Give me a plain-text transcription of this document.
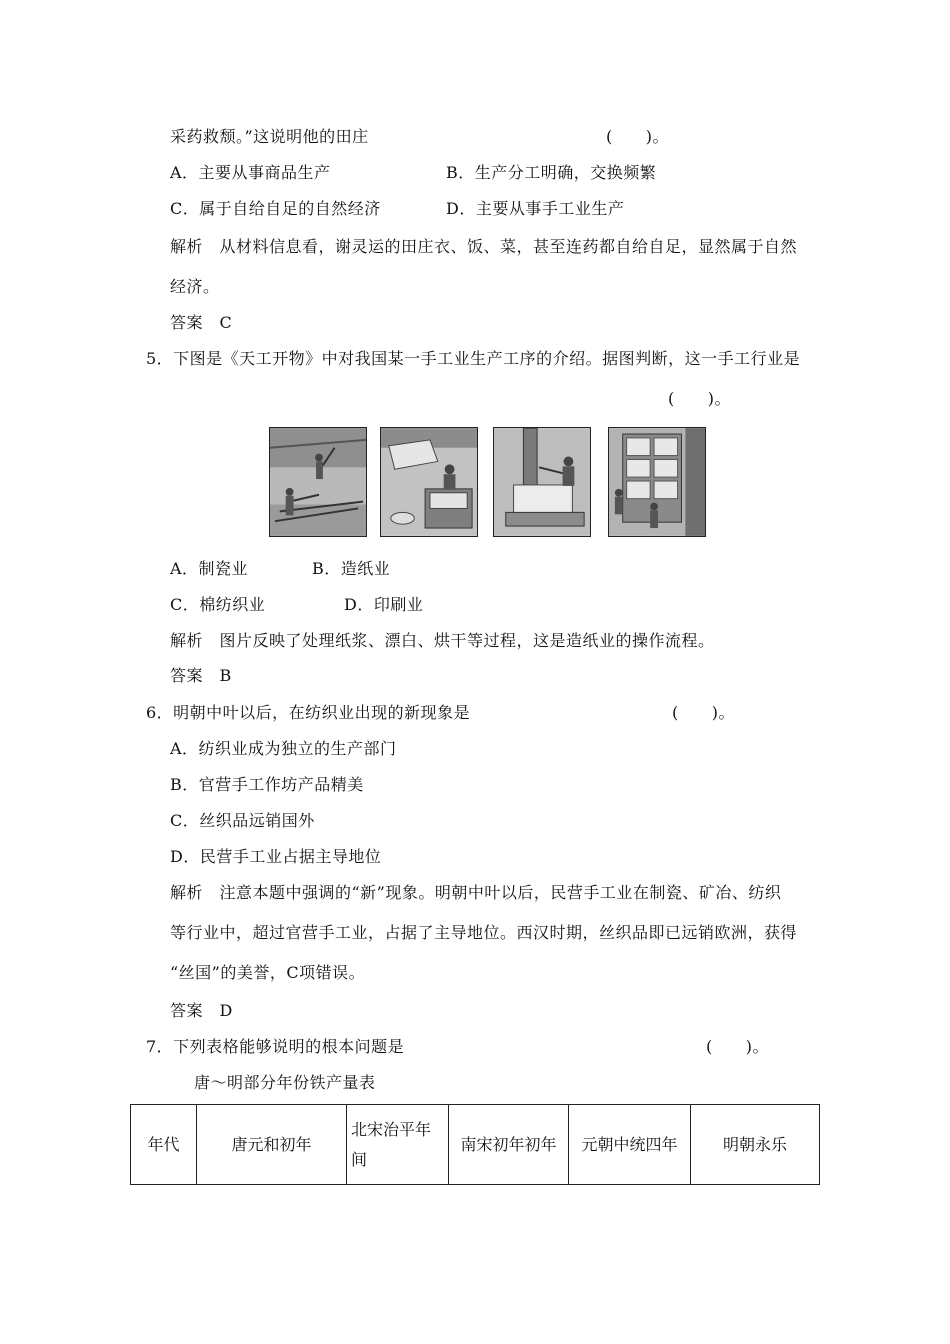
采药救颓。”这说明他的田庄	(　　)。
A．主要从事商品生产	B．生产分工明确，交换频繁
C．属于自给自足的自然经济	D．主要从事手工业生产
解析　从材料信息看，谢灵运的田庄衣、饭、菜，甚至连药都自给自足，显然属于自然
经济。
答案　C
5．下图是《天工开物》中对我国某一手工业生产工序的介绍。据图判断，这一手工行业是
(　　)。
A．制瓷业	B．造纸业
C．棉纺织业	D．印刷业
解析　图片反映了处理纸浆、漂白、烘干等过程，这是造纸业的操作流程。
答案　B
6．明朝中叶以后，在纺织业出现的新现象是	(　　)。
A．纺织业成为独立的生产部门
B．官营手工作坊产品精美
C．丝织品远销国外
D．民营手工业占据主导地位
解析　注意本题中强调的“新”现象。明朝中叶以后，民营手工业在制瓷、矿冶、纺织
等行业中，超过官营手工业，占据了主导地位。西汉时期，丝织品即已远销欧洲，获得
“丝国”的美誉，C项错误。
答案　D
7．下列表格能够说明的根本问题是	(　　)。
唐～明部分年份铁产量表
年代	唐元和初年	北宋治平年间	南宋初年初年	元朝中统四年	明朝永乐
